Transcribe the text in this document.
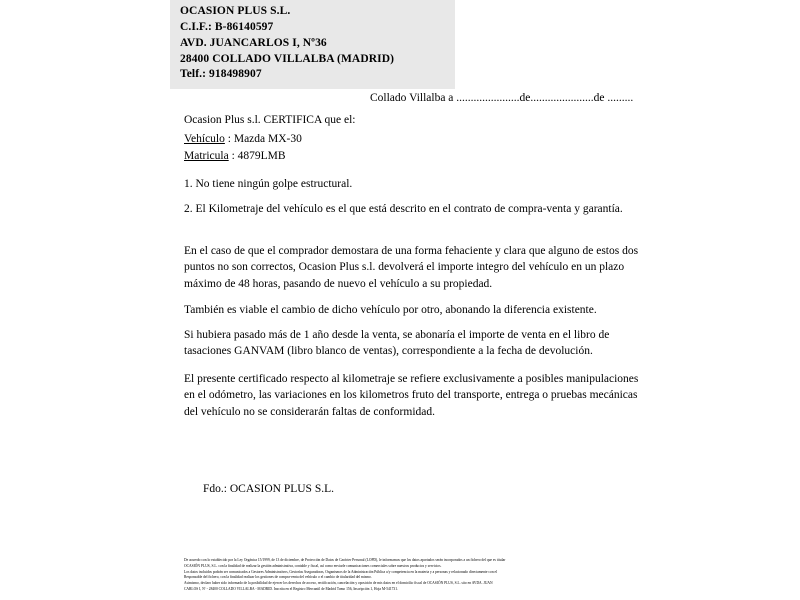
OCASION PLUS S.L.
C.I.F.: B-86140597
AVD. JUANCARLOS I, Nº36
28400 COLLADO VILLALBA (MADRID)
Telf.: 918498907
Collado Villalba a ......................de......................de .........
Ocasion Plus s.l. CERTIFICA que el:
Vehículo : Mazda MX-30
Matricula : 4879LMB
1. No tiene ningún golpe estructural.
2. El Kilometraje del vehículo es el que está descrito en el contrato de compra-venta y garantía.
En el caso de que el comprador demostara de una forma fehaciente y clara que alguno de estos dos puntos no son correctos, Ocasion Plus s.l. devolverá el importe integro del vehículo en un plazo máximo de 48 horas, pasando de nuevo el vehículo a su propiedad.
También es viable el cambio de dicho vehículo por otro, abonando la diferencia existente.
Si hubiera pasado más de 1 año desde la venta, se abonaría el importe de venta en el libro de tasaciones GANVAM (libro blanco de ventas), correspondiente a la fecha de devolución.
El presente certificado respecto al kilometraje se refiere exclusivamente a posibles manipulaciones en el odómetro, las variaciones en los kilometros fruto del transporte, entrega o pruebas mecánicas del vehículo no se considerarán faltas de conformidad.
Fdo.: OCASION PLUS S.L.
De acuerdo con lo establecido por la Ley Orgánica 15/1999, de 13 de diciembre, de Protección de Datos de Carácter Personal (LOPD), le informamos que los datos aportados serán incorporados a un fichero del que es titular
OCASIÓN PLUS, S.L. con la finalidad de realizar la gestión administrativa, contable y fiscal, así como enviarle comunicaciones comerciales sobre nuestros productos y servicios.
Los datos incluidos podrán ser comunicados a Gestores Administrativos, Gestorías Aseguradoras, Organismos de la Administración Pública o/y competencia en la materia y a personas y relacionado directamente con el
Responsable del fichero, con la finalidad realizar los gestiones de compra-venta del vehículo o el cambio de titularidad del mismo.
Asimismo, declaro haber sido informado de la posibilidad de ejercer los derechos de acceso, rectificación, cancelación y oposición de mis datos en el domicilio fiscal de OCASIÓN PLUS, S.L. sito en AVDA. JUAN
CARLOS I, Nº - 28400 COLLADO VILLALBA - MADRID. Inscrita en el Registro Mercantil de Madrid Tomo 156, Inscripción 1, Hoja M-541731.
